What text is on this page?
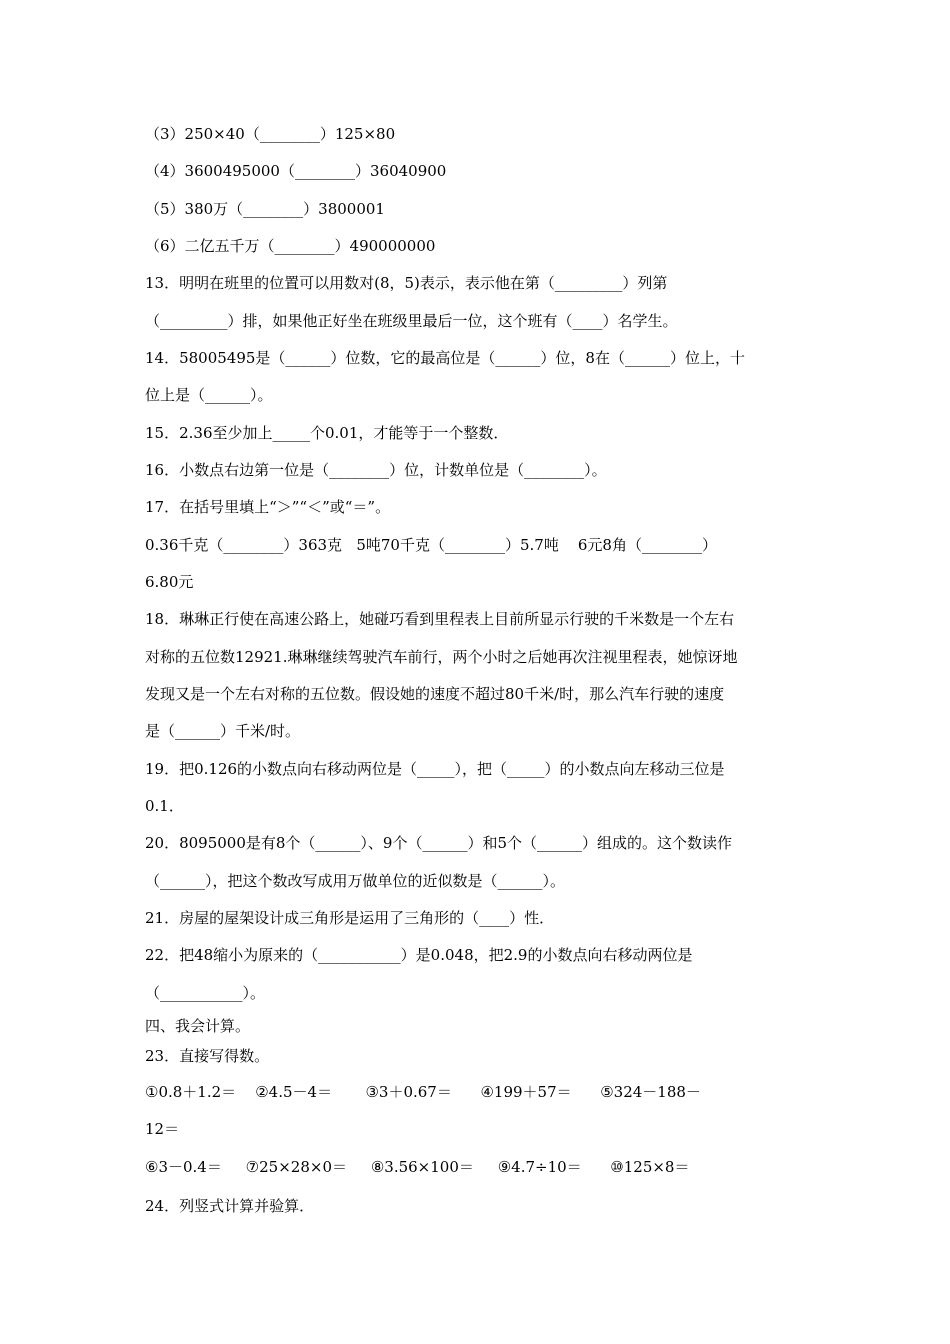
（3）250×40（________）125×80
（4）3600495000（________）36040900
（5）380万（________）3800001
（6）二亿五千万（________）490000000
13．明明在班里的位置可以用数对(8，5)表示，表示他在第（_________）列第
（_________）排，如果他正好坐在班级里最后一位，这个班有（____）名学生。
14．58005495是（______）位数，它的最高位是（______）位，8在（______）位上，十
位上是（______）。
15．2.36至少加上_____个0.01，才能等于一个整数．
16．小数点右边第一位是（________）位，计数单位是（________）。
17．在括号里填上“＞”“＜”或“＝”。
0.36千克（________）363克   5吨70千克（________）5.7吨    6元8角（________）
6.80元
18．琳琳正行使在高速公路上，她碰巧看到里程表上目前所显示行驶的千米数是一个左右
对称的五位数12921.琳琳继续驾驶汽车前行，两个小时之后她再次注视里程表，她惊讶地
发现又是一个左右对称的五位数。假设她的速度不超过80千米/时，那么汽车行驶的速度
是（______）千米/时。
19．把0.126的小数点向右移动两位是（_____），把（_____）的小数点向左移动三位是
0.1．
20．8095000是有8个（______）、9个（______）和5个（______）组成的。这个数读作
（______），把这个数改写成用万做单位的近似数是（______）。
21．房屋的屋架设计成三角形是运用了三角形的（____）性．
22．把48缩小为原来的（___________）是0.048，把2.9的小数点向右移动两位是
（___________）。
四、我会计算。
23．直接写得数。
①0.8＋1.2＝    ②4.5－4＝       ③3＋0.67＝      ④199＋57＝      ⑤324－188－
12＝
⑥3－0.4＝     ⑦25×28×0＝     ⑧3.56×100＝     ⑨4.7÷10＝      ⑩125×8＝
24．列竖式计算并验算．
